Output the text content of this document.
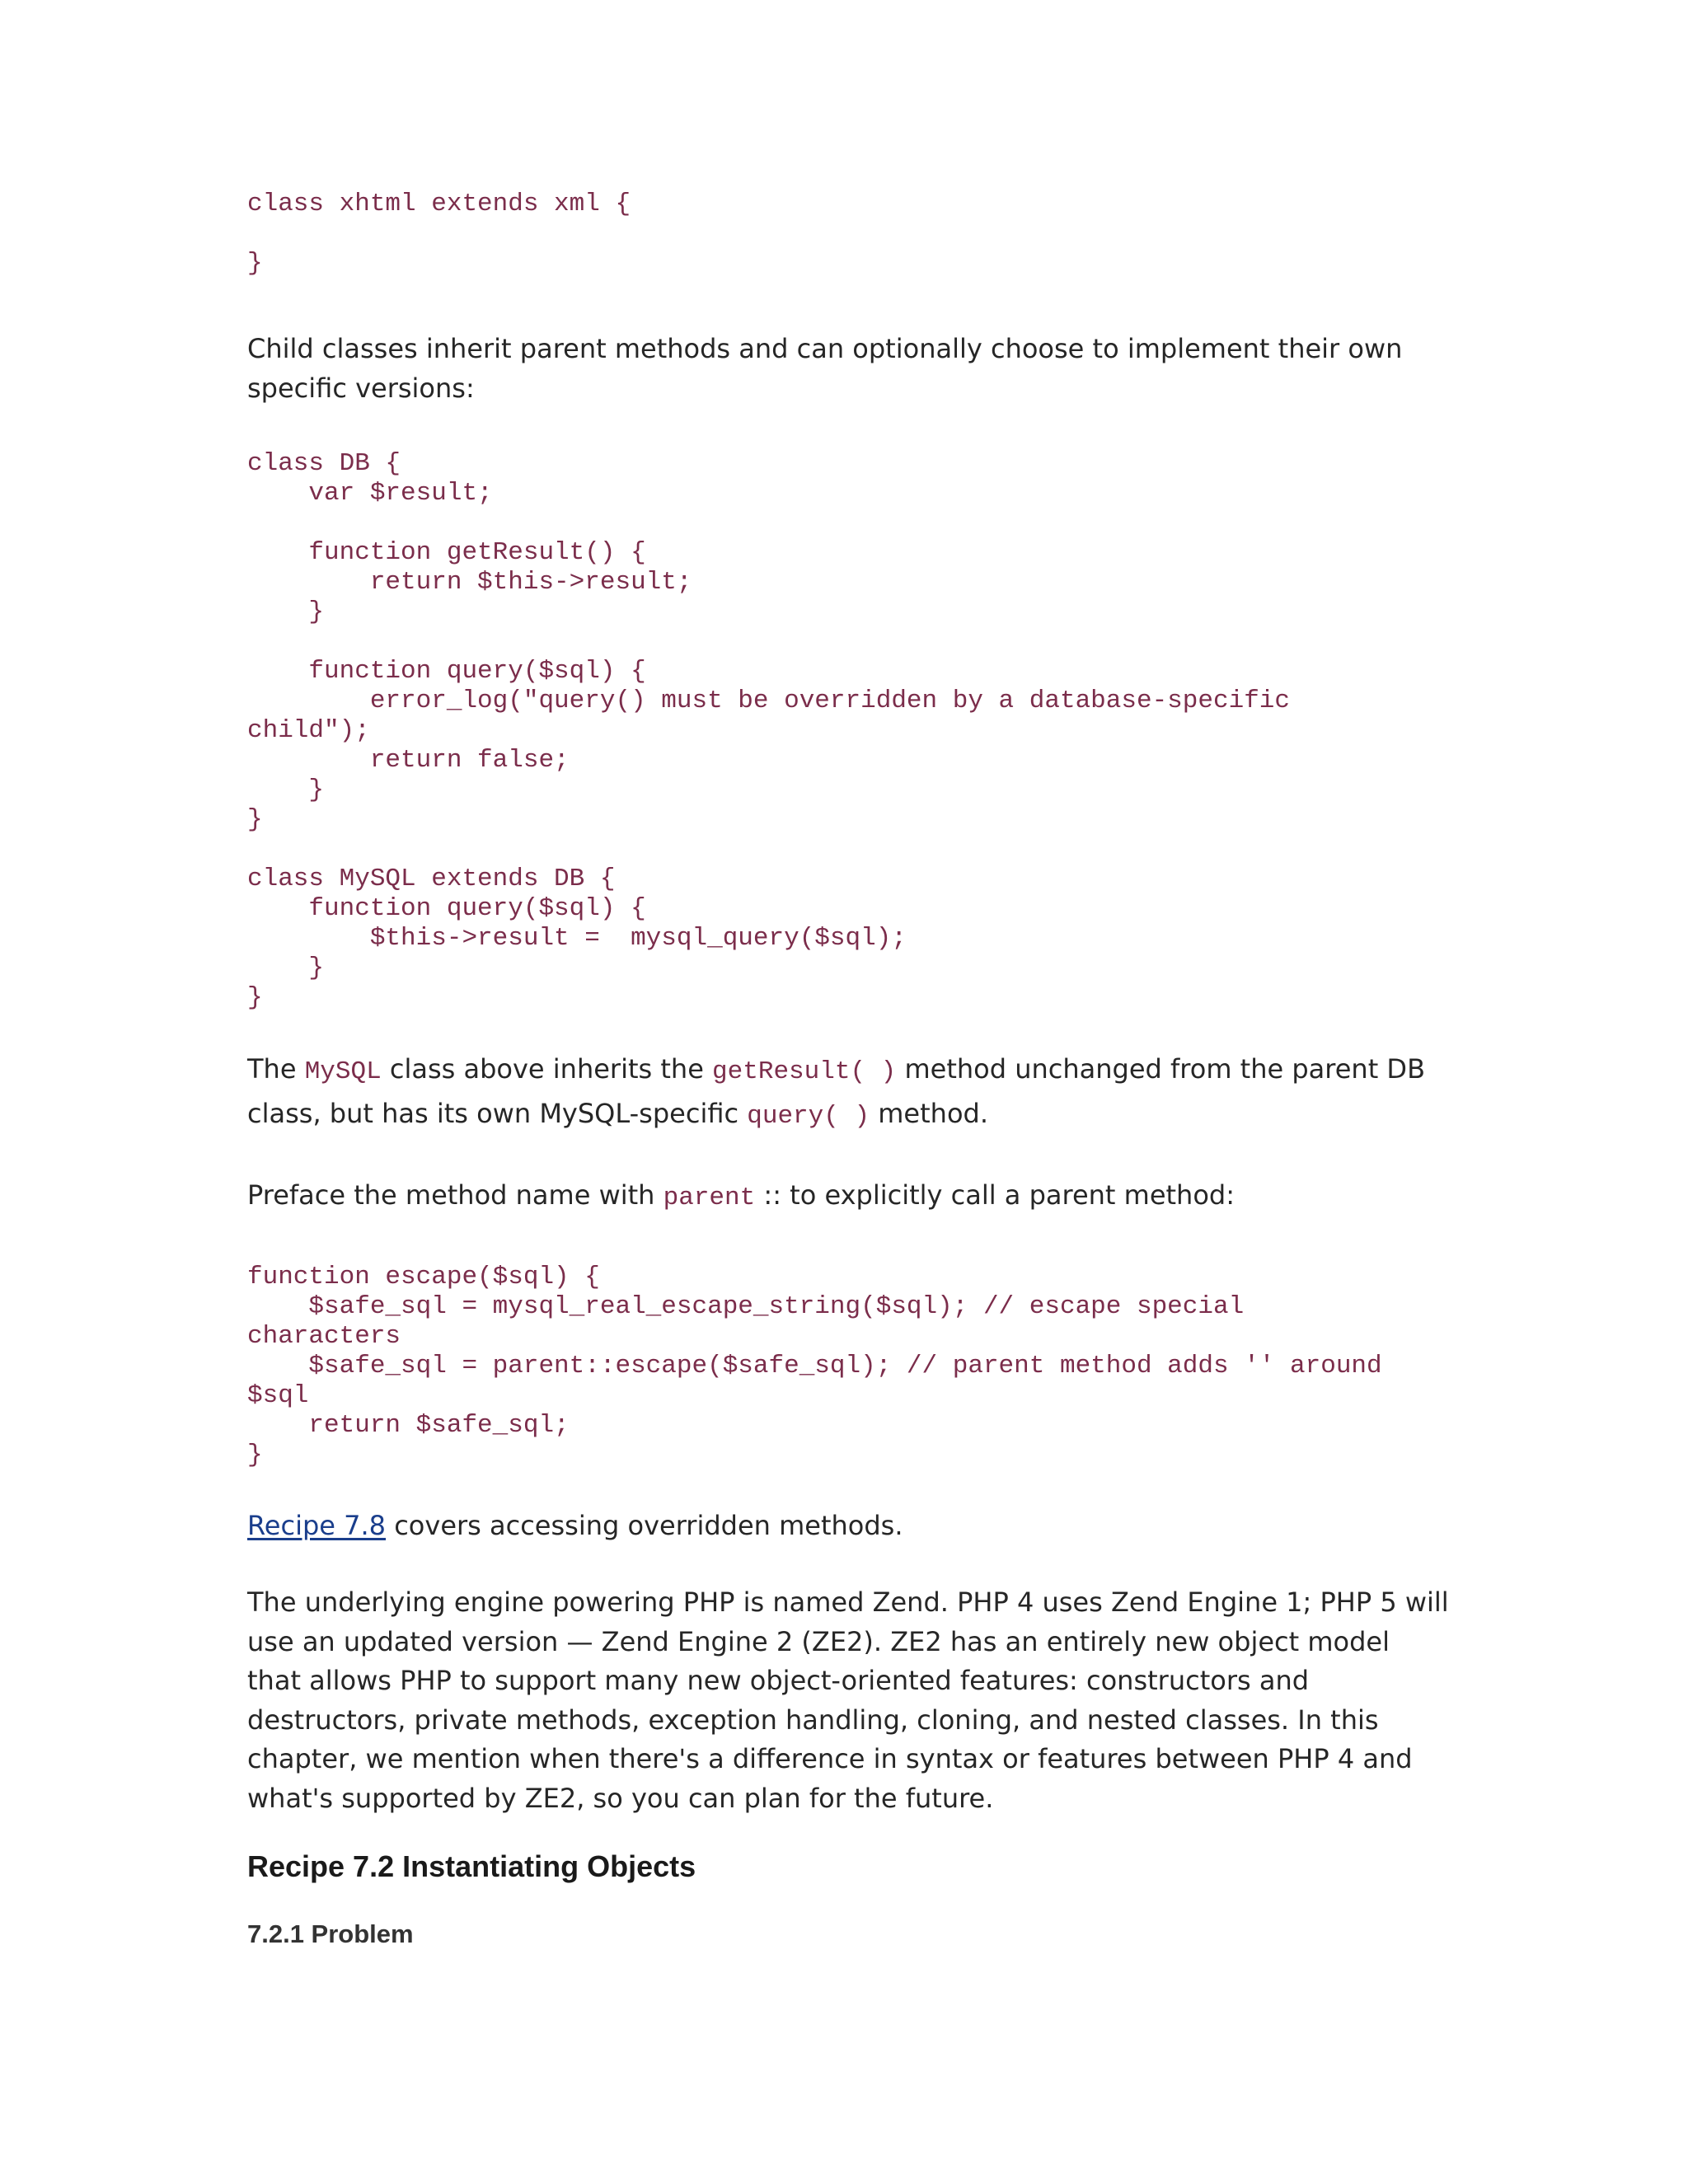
class xhtml extends xml {

}

Child classes inherit parent methods and can optionally choose to implement their own specific versions:

class DB {
var $result;

function getResult() {
return $this->result;
}

function query($sql) {
error_log("query() must be overridden by a database-specific
child");
return false;
}
}

class MySQL extends DB {
function query($sql) {
$this->result =  mysql_query($sql);
}
}

The MySQL class above inherits the getResult( ) method unchanged from the parent DB class, but has its own MySQL-specific query( ) method.

Preface the method name with parent :: to explicitly call a parent method:

function escape($sql) {
$safe_sql = mysql_real_escape_string($sql); // escape special
characters
$safe_sql = parent::escape($safe_sql); // parent method adds '' around
$sql
return $safe_sql;
}

Recipe 7.8 covers accessing overridden methods.

The underlying engine powering PHP is named Zend. PHP 4 uses Zend Engine 1; PHP 5 will use an updated version — Zend Engine 2 (ZE2). ZE2 has an entirely new object model that allows PHP to support many new object-oriented features: constructors and destructors, private methods, exception handling, cloning, and nested classes. In this chapter, we mention when there's a difference in syntax or features between PHP 4 and what's supported by ZE2, so you can plan for the future.

Recipe 7.2 Instantiating Objects
7.2.1 Problem
